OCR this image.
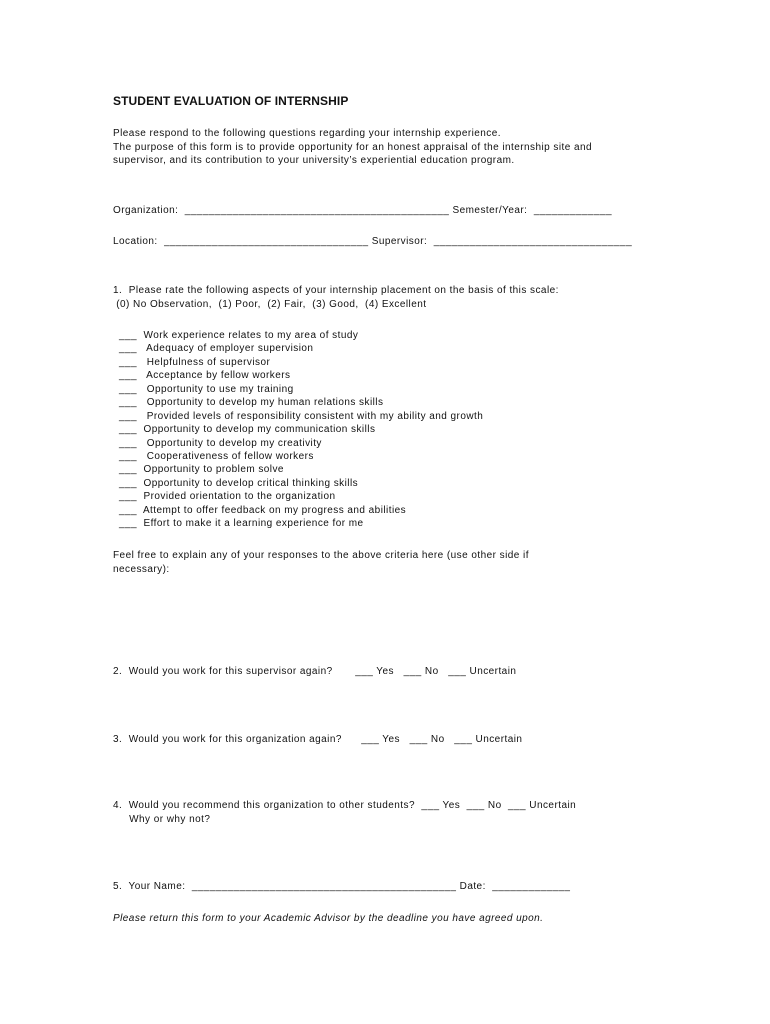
STUDENT EVALUATION OF INTERNSHIP
Please respond to the following questions regarding your internship experience.
The purpose of this form is to provide opportunity for an honest appraisal of the internship site and
supervisor, and its contribution to your university’s experiential education program.
Organization:  ____________________________________________ Semester/Year:  _____________
Location:  __________________________________ Supervisor:  _________________________________
1.  Please rate the following aspects of your internship placement on the basis of this scale:
(0) No Observation,  (1) Poor,  (2) Fair,  (3) Good,  (4) Excellent
___  Work experience relates to my area of study
___   Adequacy of employer supervision
___   Helpfulness of supervisor
___   Acceptance by fellow workers
___   Opportunity to use my training
___   Opportunity to develop my human relations skills
___   Provided levels of responsibility consistent with my ability and growth
___  Opportunity to develop my communication skills
___   Opportunity to develop my creativity
___   Cooperativeness of fellow workers
___  Opportunity to problem solve
___  Opportunity to develop critical thinking skills
___  Provided orientation to the organization
___  Attempt to offer feedback on my progress and abilities
___  Effort to make it a learning experience for me
Feel free to explain any of your responses to the above criteria here (use other side if
necessary):
2.  Would you work for this supervisor again?       ___ Yes   ___ No   ___ Uncertain
3.  Would you work for this organization again?      ___ Yes   ___ No   ___ Uncertain
4.  Would you recommend this organization to other students?  ___ Yes  ___ No  ___ Uncertain
Why or why not?
5.  Your Name:  ____________________________________________ Date:  _____________
Please return this form to your Academic Advisor by the deadline you have agreed upon.
